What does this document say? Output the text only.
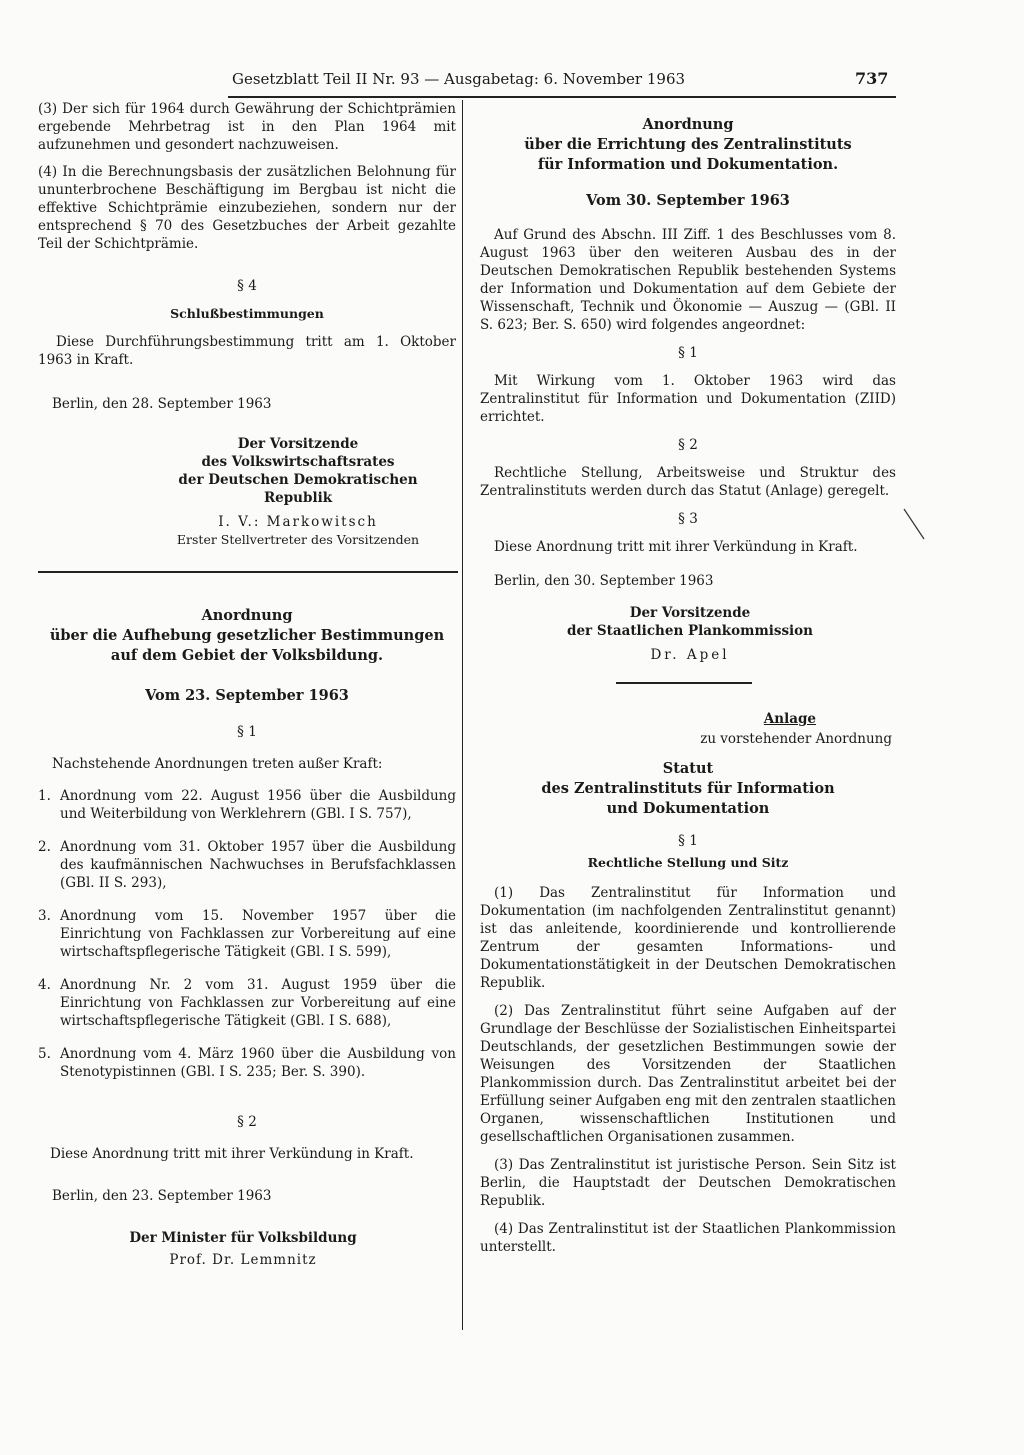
Gesetzblatt Teil II Nr. 93 — Ausgabetag: 6. November 1963	737
(3) Der sich für 1964 durch Gewährung der Schichtprämien ergebende Mehrbetrag ist in den Plan 1964 mit aufzunehmen und gesondert nachzuweisen.
(4) In die Berechnungsbasis der zusätzlichen Belohnung für ununterbrochene Beschäftigung im Bergbau ist nicht die effektive Schichtprämie einzubeziehen, sondern nur der entsprechend § 70 des Gesetzbuches der Arbeit gezahlte Teil der Schichtprämie.
§ 4
Schlußbestimmungen
Diese Durchführungsbestimmung tritt am 1. Oktober 1963 in Kraft.
Berlin, den 28. September 1963
Der Vorsitzende
des Volkswirtschaftsrates
der Deutschen Demokratischen Republik
I. V.: Markowitsch
Erster Stellvertreter des Vorsitzenden
Anordnung
über die Aufhebung gesetzlicher Bestimmungen
auf dem Gebiet der Volksbildung.
Vom 23. September 1963
§ 1
Nachstehende Anordnungen treten außer Kraft:
1. Anordnung vom 22. August 1956 über die Ausbildung und Weiterbildung von Werklehrern (GBl. I S. 757),
2. Anordnung vom 31. Oktober 1957 über die Ausbildung des kaufmännischen Nachwuchses in Berufsfachklassen (GBl. II S. 293),
3. Anordnung vom 15. November 1957 über die Einrichtung von Fachklassen zur Vorbereitung auf eine wirtschaftspflegerische Tätigkeit (GBl. I S. 599),
4. Anordnung Nr. 2 vom 31. August 1959 über die Einrichtung von Fachklassen zur Vorbereitung auf eine wirtschaftspflegerische Tätigkeit (GBl. I S. 688),
5. Anordnung vom 4. März 1960 über die Ausbildung von Stenotypistinnen (GBl. I S. 235; Ber. S. 390).
§ 2
Diese Anordnung tritt mit ihrer Verkündung in Kraft.
Berlin, den 23. September 1963
Der Minister für Volksbildung
Prof. Dr. Lemmnitz
Anordnung
über die Errichtung des Zentralinstituts
für Information und Dokumentation.
Vom 30. September 1963
Auf Grund des Abschn. III Ziff. 1 des Beschlusses vom 8. August 1963 über den weiteren Ausbau des in der Deutschen Demokratischen Republik bestehenden Systems der Information und Dokumentation auf dem Gebiete der Wissenschaft, Technik und Ökonomie — Auszug — (GBl. II S. 623; Ber. S. 650) wird folgendes angeordnet:
§ 1
Mit Wirkung vom 1. Oktober 1963 wird das Zentralinstitut für Information und Dokumentation (ZIID) errichtet.
§ 2
Rechtliche Stellung, Arbeitsweise und Struktur des Zentralinstituts werden durch das Statut (Anlage) geregelt.
§ 3
Diese Anordnung tritt mit ihrer Verkündung in Kraft.
Berlin, den 30. September 1963
Der Vorsitzende
der Staatlichen Plankommission
Dr. Apel
Anlage
zu vorstehender Anordnung
Statut
des Zentralinstituts für Information
und Dokumentation
§ 1
Rechtliche Stellung und Sitz
(1) Das Zentralinstitut für Information und Dokumentation (im nachfolgenden Zentralinstitut genannt) ist das anleitende, koordinierende und kontrollierende Zentrum der gesamten Informations- und Dokumentationstätigkeit in der Deutschen Demokratischen Republik.
(2) Das Zentralinstitut führt seine Aufgaben auf der Grundlage der Beschlüsse der Sozialistischen Einheitspartei Deutschlands, der gesetzlichen Bestimmungen sowie der Weisungen des Vorsitzenden der Staatlichen Plankommission durch. Das Zentralinstitut arbeitet bei der Erfüllung seiner Aufgaben eng mit den zentralen staatlichen Organen, wissenschaftlichen Institutionen und gesellschaftlichen Organisationen zusammen.
(3) Das Zentralinstitut ist juristische Person. Sein Sitz ist Berlin, die Hauptstadt der Deutschen Demokratischen Republik.
(4) Das Zentralinstitut ist der Staatlichen Plankommission unterstellt.
